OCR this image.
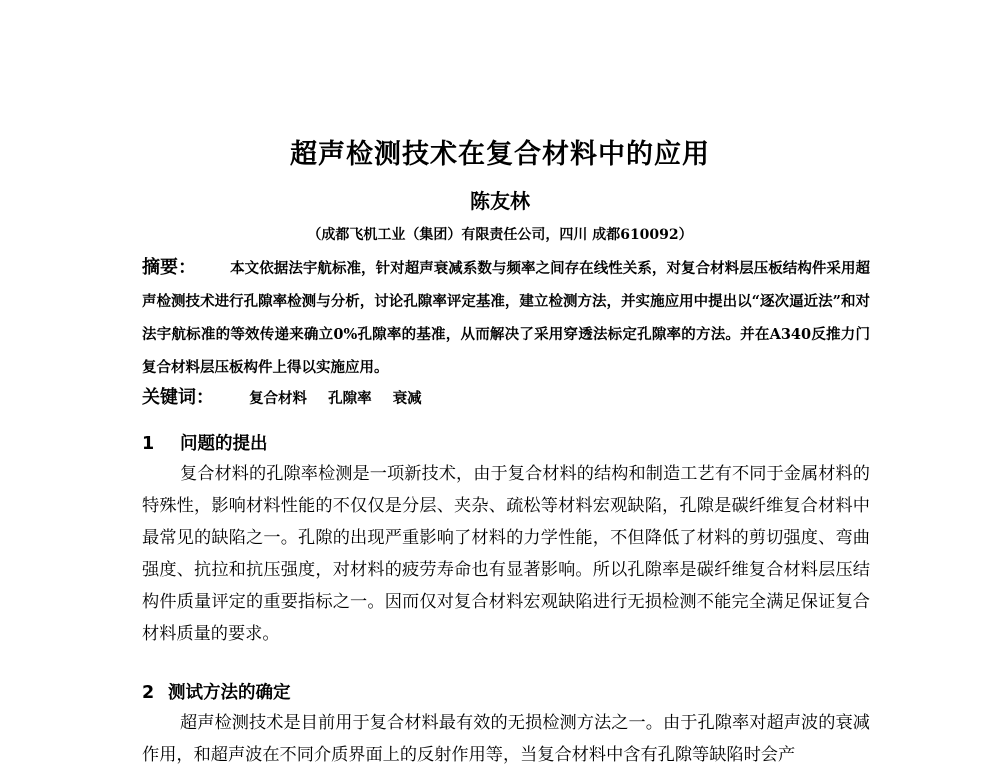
超声检测技术在复合材料中的应用
陈友林
（成都飞机工业（集团）有限责任公司，四川 成都610092）

摘要： 本文依据法宇航标准，针对超声衰减系数与频率之间存在线性关系，对复合材料层压板结构件采用超声检测技术进行孔隙率检测与分析，讨论孔隙率评定基准，建立检测方法，并实施应用中提出以“逐次逼近法”和对法宇航标准的等效传递来确立0%孔隙率的基准，从而解决了采用穿透法标定孔隙率的方法。并在A340反推力门复合材料层压板构件上得以实施应用。

关键词： 复合材料 孔隙率 衰减
1 问题的提出

复合材料的孔隙率检测是一项新技术，由于复合材料的结构和制造工艺有不同于金属材料的特殊性，影响材料性能的不仅仅是分层、夹杂、疏松等材料宏观缺陷，孔隙是碳纤维复合材料中最常见的缺陷之一。孔隙的出现严重影响了材料的力学性能，不但降低了材料的剪切强度、弯曲强度、抗拉和抗压强度，对材料的疲劳寿命也有显著影响。所以孔隙率是碳纤维复合材料层压结构件质量评定的重要指标之一。因而仅对复合材料宏观缺陷进行无损检测不能完全满足保证复合材料质量的要求。

2 测试方法的确定

超声检测技术是目前用于复合材料最有效的无损检测方法之一。由于孔隙率对超声波的衰减作用，和超声波在不同介质界面上的反射作用等，当复合材料中含有孔隙等缺陷时会产
